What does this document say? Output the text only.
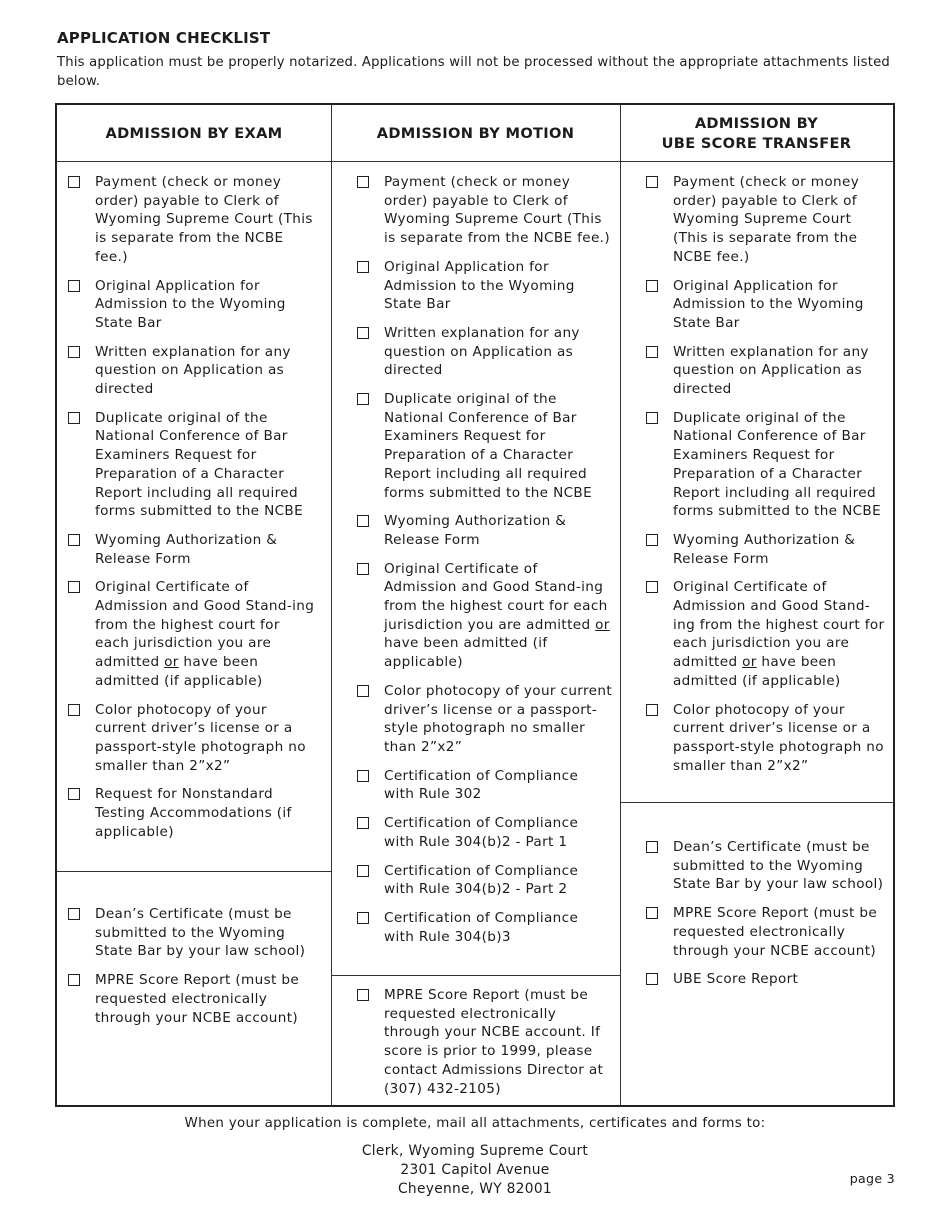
APPLICATION CHECKLIST
This application must be properly notarized. Applications will not be processed without the appropriate attachments listed below.
ADMISSION BY EXAM	ADMISSION BY MOTION
ADMISSION BY
UBE SCORE TRANSFER
Payment (check or money order) payable to Clerk of Wyoming Supreme Court (This is separate from the NCBE fee.)
Original Application for Admission to the Wyoming State Bar
Written explanation for any question on Application as directed
Duplicate original of the National Conference of Bar Examiners Request for Preparation of a Character Report including all required forms submitted to the NCBE
Wyoming Authorization & Release Form
Original Certificate of Admission and Good Stand-ing from the highest court for each jurisdiction you are admitted or have been admitted (if applicable)
Color photocopy of your current driver’s license or a passport-style photograph no smaller than 2”x2”
Request for Nonstandard Testing Accommodations (if applicable)
Dean’s Certificate (must be submitted to the Wyoming State Bar by your law school)
MPRE Score Report (must be requested electronically through your NCBE account)
Payment (check or money order) payable to Clerk of Wyoming Supreme Court (This is separate from the NCBE fee.)
Original Application for Admission to the Wyoming State Bar
Written explanation for any question on Application as directed
Duplicate original of the National Conference of Bar Examiners Request for Preparation of a Character Report including all required forms submitted to the NCBE
Wyoming Authorization & Release Form
Original Certificate of Admission and Good Stand-ing from the highest court for each jurisdiction you are admitted or have been admitted (if applicable)
Color photocopy of your current driver’s license or a passport-style photograph no smaller than 2”x2”
Certification of Compliance with Rule 302
Certification of Compliance with Rule 304(b)2 - Part 1
Certification of Compliance with Rule 304(b)2 - Part 2
Certification of Compliance with Rule 304(b)3
MPRE Score Report (must be requested electronically through your NCBE account. If score is prior to 1999, please contact Admissions Director at (307) 432-2105)
Payment (check or money order) payable to Clerk of Wyoming Supreme Court (This is separate from the NCBE fee.)
Original Application for Admission to the Wyoming State Bar
Written explanation for any question on Application as directed
Duplicate original of the National Conference of Bar Examiners Request for Preparation of a Character Report including all required forms submitted to the NCBE
Wyoming Authorization & Release Form
Original Certificate of Admission and Good Stand-ing from the highest court for each jurisdiction you are admitted or have been admitted (if applicable)
Color photocopy of your current driver’s license or a passport-style photograph no smaller than 2”x2”
Dean’s Certificate (must be submitted to the Wyoming State Bar by your law school)
MPRE Score Report (must be requested electronically through your NCBE account)
UBE Score Report
When your application is complete, mail all attachments, certificates and forms to:
Clerk, Wyoming Supreme Court
2301 Capitol Avenue
Cheyenne, WY 82001
page 3
